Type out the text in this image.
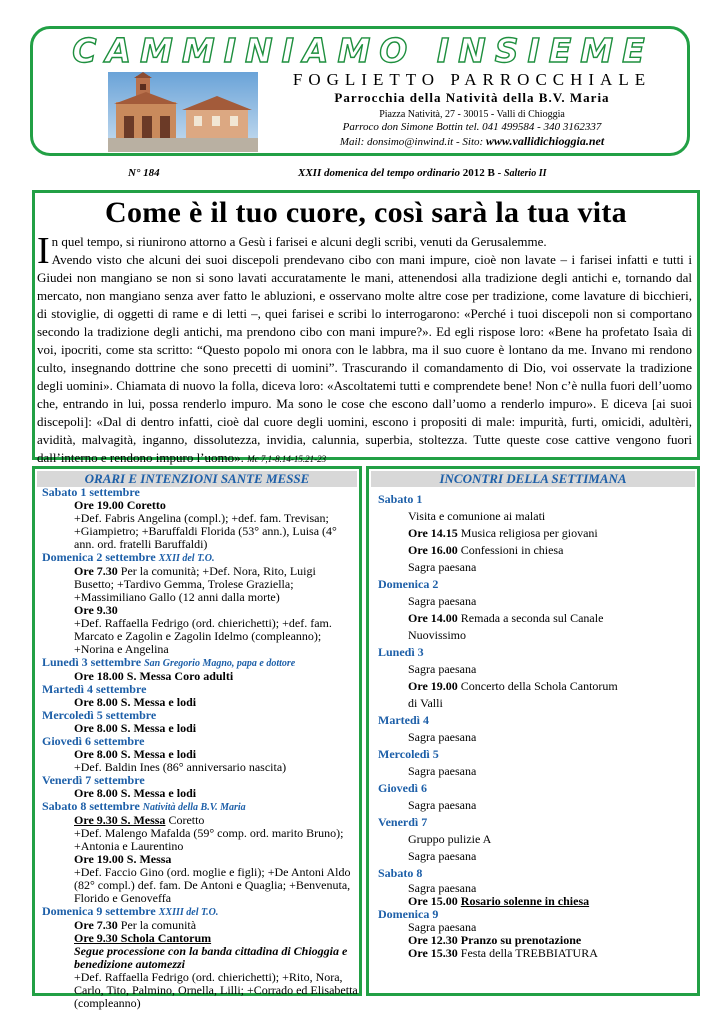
CAMMINIAMO INSIEME
FOGLIETTO PARROCCHIALE
Parrocchia della Natività della B.V. Maria
Piazza Natività, 27 - 30015 - Valli di Chioggia
Parroco don Simone Bottin tel. 041 499584 - 340 3162337
Mail: donsimo@inwind.it - Sito: www.vallidichioggia.net
N° 184	XXII domenica del tempo ordinario 2012 B - Salterio II
Come è il tuo cuore, così sarà la tua vita
I n quel tempo, si riunirono attorno a Gesù i farisei e alcuni degli scribi, venuti da Gerusalemme.

Avendo visto che alcuni dei suoi discepoli prendevano cibo con mani impure, cioè non lavate – i farisei infatti e tutti i Giudei non mangiano se non si sono lavati accuratamente le mani, attenendosi alla tradizione degli antichi e, tornando dal mercato, non mangiano senza aver fatto le abluzioni, e osservano molte altre cose per tradizione, come lavature di bicchieri, di stoviglie, di oggetti di rame e di letti –, quei farisei e scribi lo interrogarono: «Perché i tuoi discepoli non si comportano secondo la tradizione degli antichi, ma prendono cibo con mani impure?». Ed egli rispose loro: «Bene ha profetato Isaìa di voi, ipocriti, come sta scritto: “Questo popolo mi onora con le labbra, ma il suo cuore è lontano da me. Invano mi rendono culto, insegnando dottrine che sono precetti di uomini”. Trascurando il comandamento di Dio, voi osservate la tradizione degli uomini». Chiamata di nuovo la folla, diceva loro: «Ascoltatemi tutti e comprendete bene! Non c’è nulla fuori dell’uomo che, entrando in lui, possa renderlo impuro. Ma sono le cose che escono dall’uomo a renderlo impuro». E diceva [ai suoi discepoli]: «Dal di dentro infatti, cioè dal cuore degli uomini, escono i propositi di male: impurità, furti, omicidi, adultèri, avidità, malvagità, inganno, dissolutezza, invidia, calunnia, superbia, stoltezza. Tutte queste cose cattive vengono fuori dall’interno e rendono impuro l’uomo». Mc 7,1-8.14-15.21-23

ORARI E INTENZIONI SANTE MESSE
Sabato 1 settembre
Ore 19.00 Coretto
+Def. Fabris Angelina (compl.); +def. fam. Trevisan; +Giampietro; +Baruffaldi Florida (53° ann.), Luisa (4° ann. ord. fratelli Baruffaldi)
Domenica 2 settembre XXII del T.O.
Ore 7.30 Per la comunità; +Def. Nora, Rito, Luigi Busetto; +Tardivo Gemma, Trolese Graziella; +Massimiliano Gallo (12 anni dalla morte)
Ore 9.30
+Def. Raffaella Fedrigo (ord. chierichetti); +def. fam. Marcato e Zagolin e Zagolin Idelmo (compleanno); +Norina e Angelina
Lunedì 3 settembre San Gregorio Magno, papa e dottore
Ore 18.00 S. Messa Coro adulti
Martedì 4 settembre
Ore 8.00 S. Messa e lodi
Mercoledì 5 settembre
Ore 8.00 S. Messa e lodi
Giovedì 6 settembre
Ore 8.00 S. Messa e lodi
+Def. Baldin Ines (86° anniversario nascita)
Venerdì 7 settembre
Ore 8.00 S. Messa e lodi
Sabato 8 settembre Natività della B.V. Maria
Ore 9.30 S. Messa Coretto
+Def. Malengo Mafalda (59° comp. ord. marito Bruno); +Antonia e Laurentino
Ore 19.00 S. Messa
+Def. Faccio Gino (ord. moglie e figli); +De Antoni Aldo (82° compl.) def. fam. De Antoni e Quaglia; +Benvenuta, Florido e Genoveffa
Domenica 9 settembre XXIII del T.O.
Ore 7.30 Per la comunità
Ore 9.30 Schola Cantorum
Segue processione con la banda cittadina di Chioggia e benedizione automezzi
+Def. Raffaella Fedrigo (ord. chierichetti); +Rito, Nora, Carlo, Tito, Palmino, Ornella, Lilli; +Corrado ed Elisabetta (compleanno)
INCONTRI DELLA SETTIMANA
Sabato 1
Visita e comunione ai malati
Ore 14.15 Musica religiosa per giovani
Ore 16.00 Confessioni in chiesa
Sagra paesana
Domenica 2
Sagra paesana
Ore 14.00 Remada a seconda sul Canale
Nuovissimo
Lunedì 3
Sagra paesana
Ore 19.00 Concerto della Schola Cantorum
di Valli
Martedì 4
Sagra paesana
Mercoledì 5
Sagra paesana
Giovedì 6
Sagra paesana
Venerdì 7
Gruppo pulizie A
Sagra paesana
Sabato 8
Sagra paesana
Ore 15.00 Rosario solenne in chiesa
Domenica 9
Sagra paesana
Ore 12.30 Pranzo su prenotazione
Ore 15.30 Festa della TREBBIATURA
